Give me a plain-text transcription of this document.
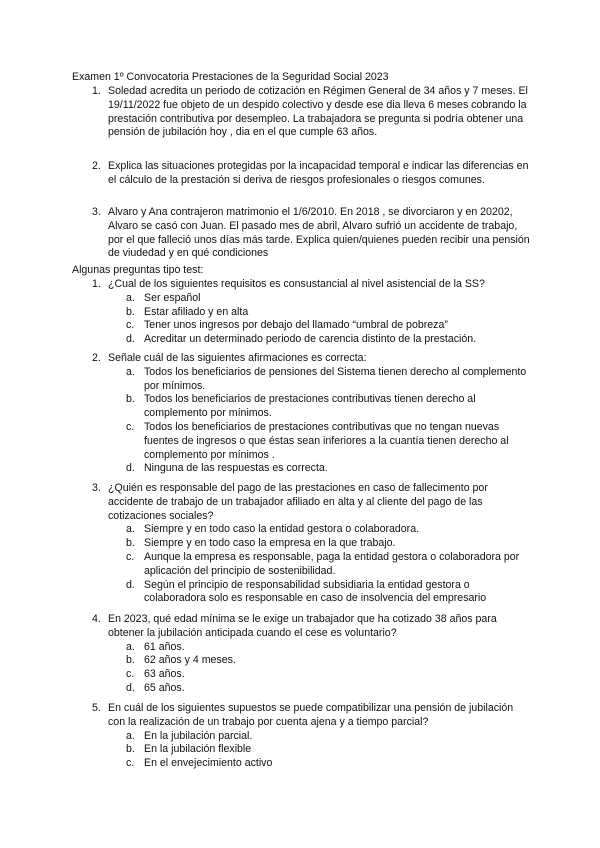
Examen 1º Convocatoria Prestaciones de la Seguridad Social 2023
1. Soledad acredita un periodo de cotización en Régimen General de 34 años y 7 meses. El 19/11/2022 fue objeto de un despido colectivo y desde ese dia lleva 6 meses cobrando la prestación contributiva por desempleo. La trabajadora se pregunta si podría obtener una pensión de jubilación hoy , dia en el que cumple 63 años.
2. Explica las situaciones protegidas por la incapacidad temporal e indicar las diferencias en el cálculo de la prestación si deriva de riesgos profesionales o riesgos comunes.
3. Alvaro y Ana contrajeron matrimonio el 1/6/2010. En 2018 , se divorciaron y en 20202, Alvaro se casó con Juan. El pasado mes de abril, Alvaro sufrió un accidente de trabajo, por el que falleció unos días más tarde. Explica quien/quienes pueden recibir una pensión de viudedad y en qué condiciones
Algunas preguntas tipo test:
1. ¿Cual de los siguientes requisitos es consustancial al nivel asistencial de la SS?
a. Ser español
b. Estar afiliado y en alta
c. Tener unos ingresos por debajo del llamado “umbral de pobreza”
d. Acreditar un determinado periodo de carencia distinto de la prestación.
2. Señale cuál de las siguientes afirmaciones es correcta:
a. Todos los beneficiarios de pensiones del Sistema tienen derecho al complemento por mínimos.
b. Todos los beneficiarios de prestaciones contributivas tienen derecho al complemento por mínimos.
c. Todos los beneficiarios de prestaciones contributivas que no tengan nuevas fuentes de ingresos o que éstas sean inferiores a la cuantía tienen derecho al complemento por mínimos .
d. Ninguna de las respuestas es correcta.
3. ¿Quién es responsable del pago de las prestaciones en caso de fallecimento por accidente de trabajo de un trabajador afiliado en alta y al cliente del pago de las cotizaciones sociales?
a. Siempre y en todo caso la entidad gestora o colaboradora.
b. Siempre y en todo caso la empresa en la que trabajo.
c. Aunque la empresa es responsable, paga la entidad gestora o colaboradora por aplicación del principio de sostenibilidad.
d. Según el principio de responsabilidad subsidiaria la entidad gestora o colaboradora solo es responsable en caso de insolvencia del empresario
4. En 2023, qué edad mínima se le exige un trabajador que ha cotizado 38 años para obtener la jubilación anticipada cuando el cese es voluntario?
a. 61 años.
b. 62 años y 4 meses.
c. 63 años.
d. 65 años.
5. En cuál de los siguientes supuestos se puede compatibilizar una pensión de jubilación con la realización de un trabajo por cuenta ajena y a tiempo parcial?
a. En la jubilación parcial.
b. En la jubilación flexible
c. En el envejecimiento activo
